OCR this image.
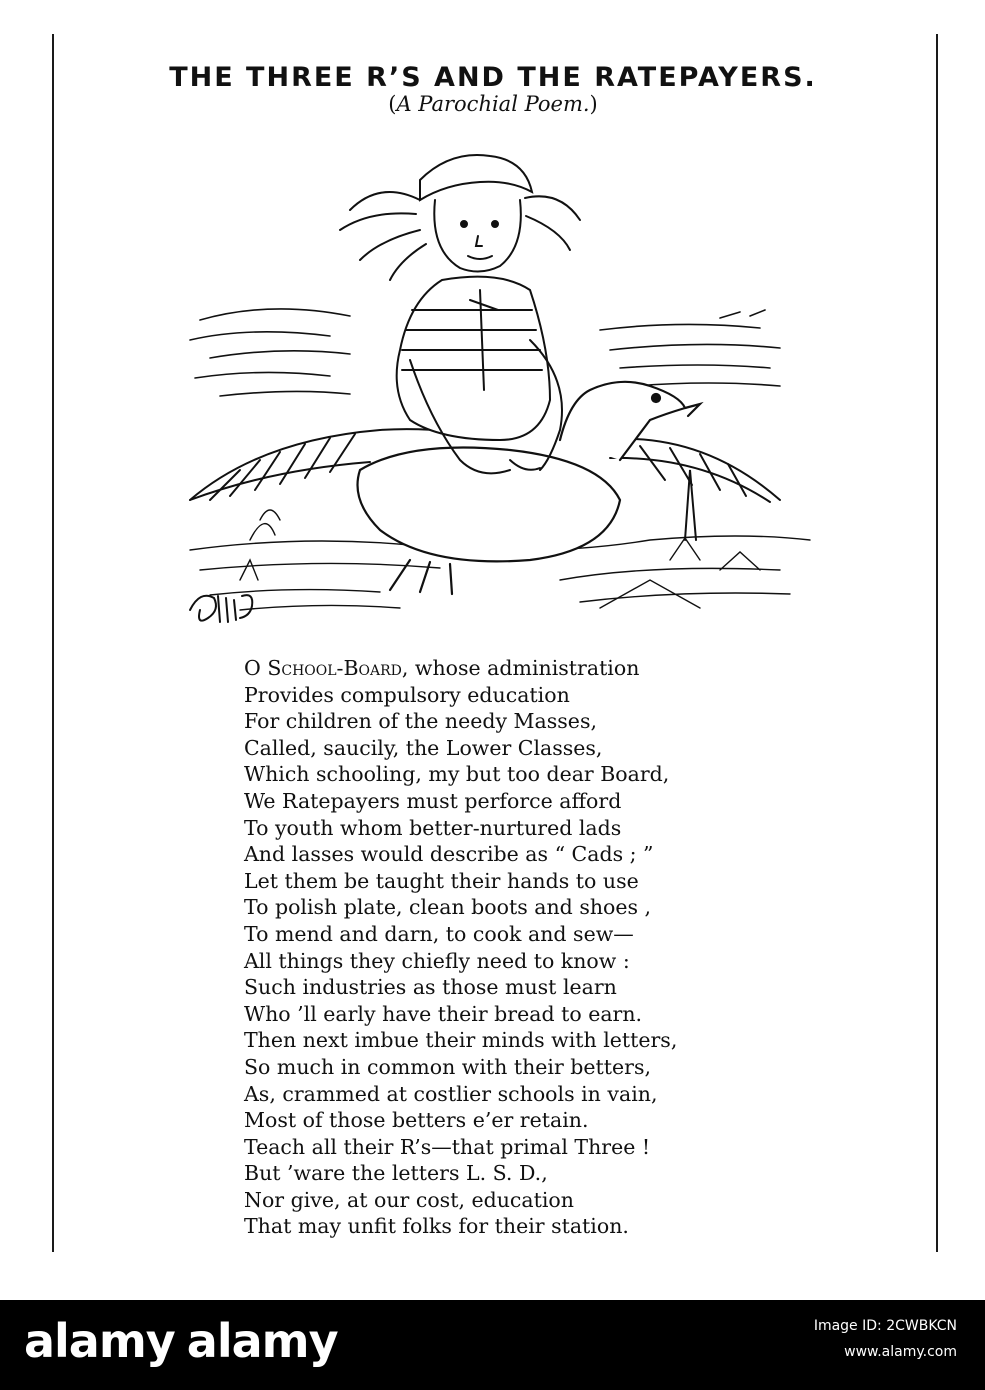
THE THREE R’S AND THE RATEPAYERS.
(A Parochial Poem.)
O School-Board, whose administration
Provides compulsory education
For children of the needy Masses,
Called, saucily, the Lower Classes,
Which schooling, my but too dear Board,
We Ratepayers must perforce afford
To youth whom better-nurtured lads
And lasses would describe as “ Cads ; ”
Let them be taught their hands to use
To polish plate, clean boots and shoes ,
To mend and darn, to cook and sew—
All things they chiefly need to know :
Such industries as those must learn
Who ’ll early have their bread to earn.
Then next imbue their minds with letters,
So much in common with their betters,
As, crammed at costlier schools in vain,
Most of those betters e’er retain.
Teach all their R’s—that primal Three !
But ’ware the letters L. S. D.,
Nor give, at our cost, education
That may unfit folks for their station.
alamy alamy	Image ID: 2CWBKCN
www.alamy.com
